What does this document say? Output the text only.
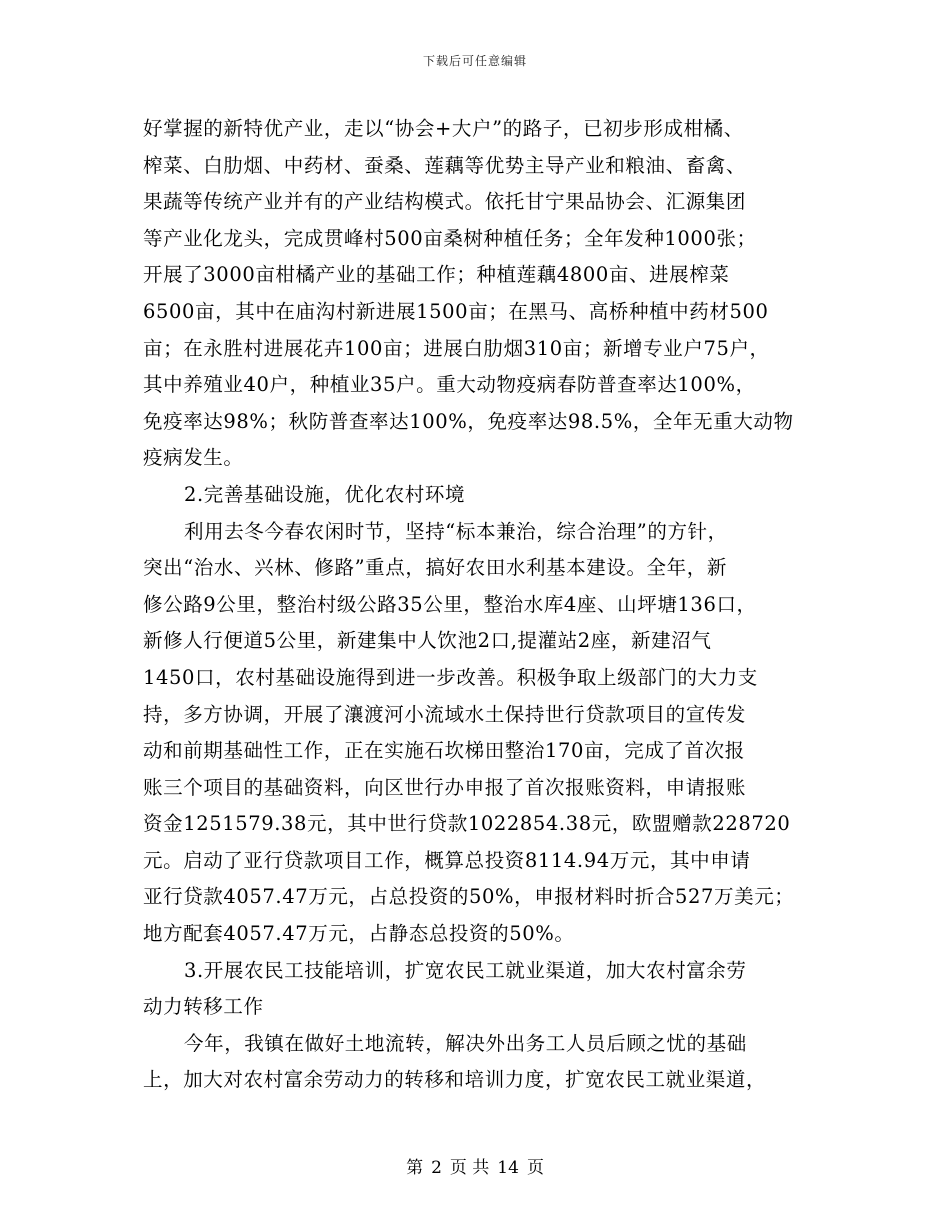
下载后可任意编辑
好掌握的新特优产业，走以“协会+大户”的路子，已初步形成柑橘、
榨菜、白肋烟、中药材、蚕桑、莲藕等优势主导产业和粮油、畜禽、
果蔬等传统产业并有的产业结构模式。依托甘宁果品协会、汇源集团
等产业化龙头，完成贯峰村500亩桑树种植任务；全年发种1000张；
开展了3000亩柑橘产业的基础工作；种植莲藕4800亩、进展榨菜
6500亩，其中在庙沟村新进展1500亩；在黑马、高桥种植中药材500
亩；在永胜村进展花卉100亩；进展白肋烟310亩；新增专业户75户，
其中养殖业40户，种植业35户。重大动物疫病春防普查率达100%，
免疫率达98%；秋防普查率达100%，免疫率达98.5%，全年无重大动物
疫病发生。
2.完善基础设施，优化农村环境
利用去冬今春农闲时节，坚持“标本兼治，综合治理”的方针，
突出“治水、兴林、修路”重点，搞好农田水利基本建设。全年，新
修公路9公里，整治村级公路35公里，整治水库4座、山坪塘136口，
新修人行便道5公里，新建集中人饮池2口,提灌站2座，新建沼气
1450口，农村基础设施得到进一步改善。积极争取上级部门的大力支
持，多方协调，开展了瀼渡河小流域水土保持世行贷款项目的宣传发
动和前期基础性工作，正在实施石坎梯田整治170亩，完成了首次报
账三个项目的基础资料，向区世行办申报了首次报账资料，申请报账
资金1251579.38元，其中世行贷款1022854.38元，欧盟赠款228720
元。启动了亚行贷款项目工作，概算总投资8114.94万元，其中申请
亚行贷款4057.47万元，占总投资的50%，申报材料时折合527万美元；
地方配套4057.47万元，占静态总投资的50%。
3.开展农民工技能培训，扩宽农民工就业渠道，加大农村富余劳
动力转移工作
今年，我镇在做好土地流转，解决外出务工人员后顾之忧的基础
上，加大对农村富余劳动力的转移和培训力度，扩宽农民工就业渠道，
第 2 页 共 14 页
